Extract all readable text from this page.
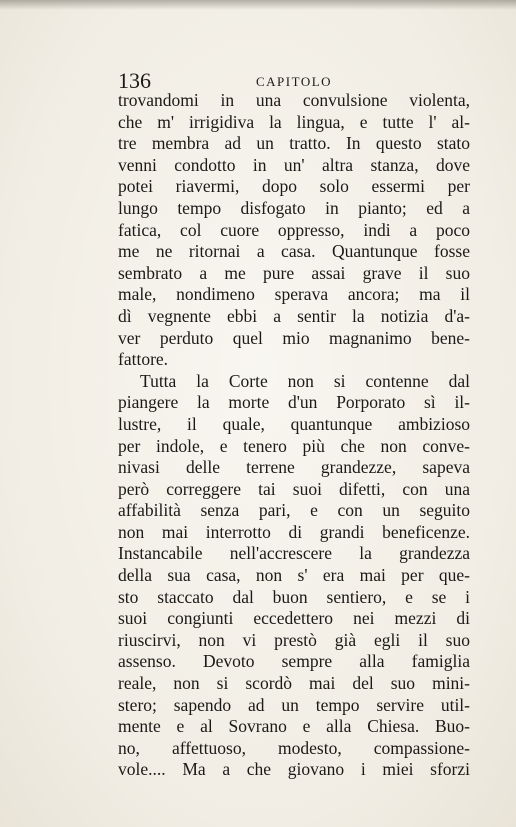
136	CAPITOLO
trovandomi in una convulsione violenta,
che m' irrigidiva la lingua, e tutte l' al-
tre membra ad un tratto. In questo stato
venni condotto in un' altra stanza, dove
potei riavermi, dopo solo essermi per
lungo tempo disfogato in pianto; ed a
fatica, col cuore oppresso, indi a poco
me ne ritornai a casa. Quantunque fosse
sembrato a me pure assai grave il suo
male, nondimeno sperava ancora; ma il
dì vegnente ebbi a sentir la notizia d'a-
ver perduto quel mio magnanimo bene-
fattore.
Tutta la Corte non si contenne dal
piangere la morte d'un Porporato sì il-
lustre, il quale, quantunque ambizioso
per indole, e tenero più che non conve-
nivasi delle terrene grandezze, sapeva
però correggere tai suoi difetti, con una
affabilità senza pari, e con un seguito
non mai interrotto di grandi beneficenze.
Instancabile nell'accrescere la grandezza
della sua casa, non s' era mai per que-
sto staccato dal buon sentiero, e se i
suoi congiunti eccedettero nei mezzi di
riuscirvi, non vi prestò già egli il suo
assenso. Devoto sempre alla famiglia
reale, non si scordò mai del suo mini-
stero; sapendo ad un tempo servire util-
mente e al Sovrano e alla Chiesa. Buo-
no, affettuoso, modesto, compassione-
vole.... Ma a che giovano i miei sforzi
